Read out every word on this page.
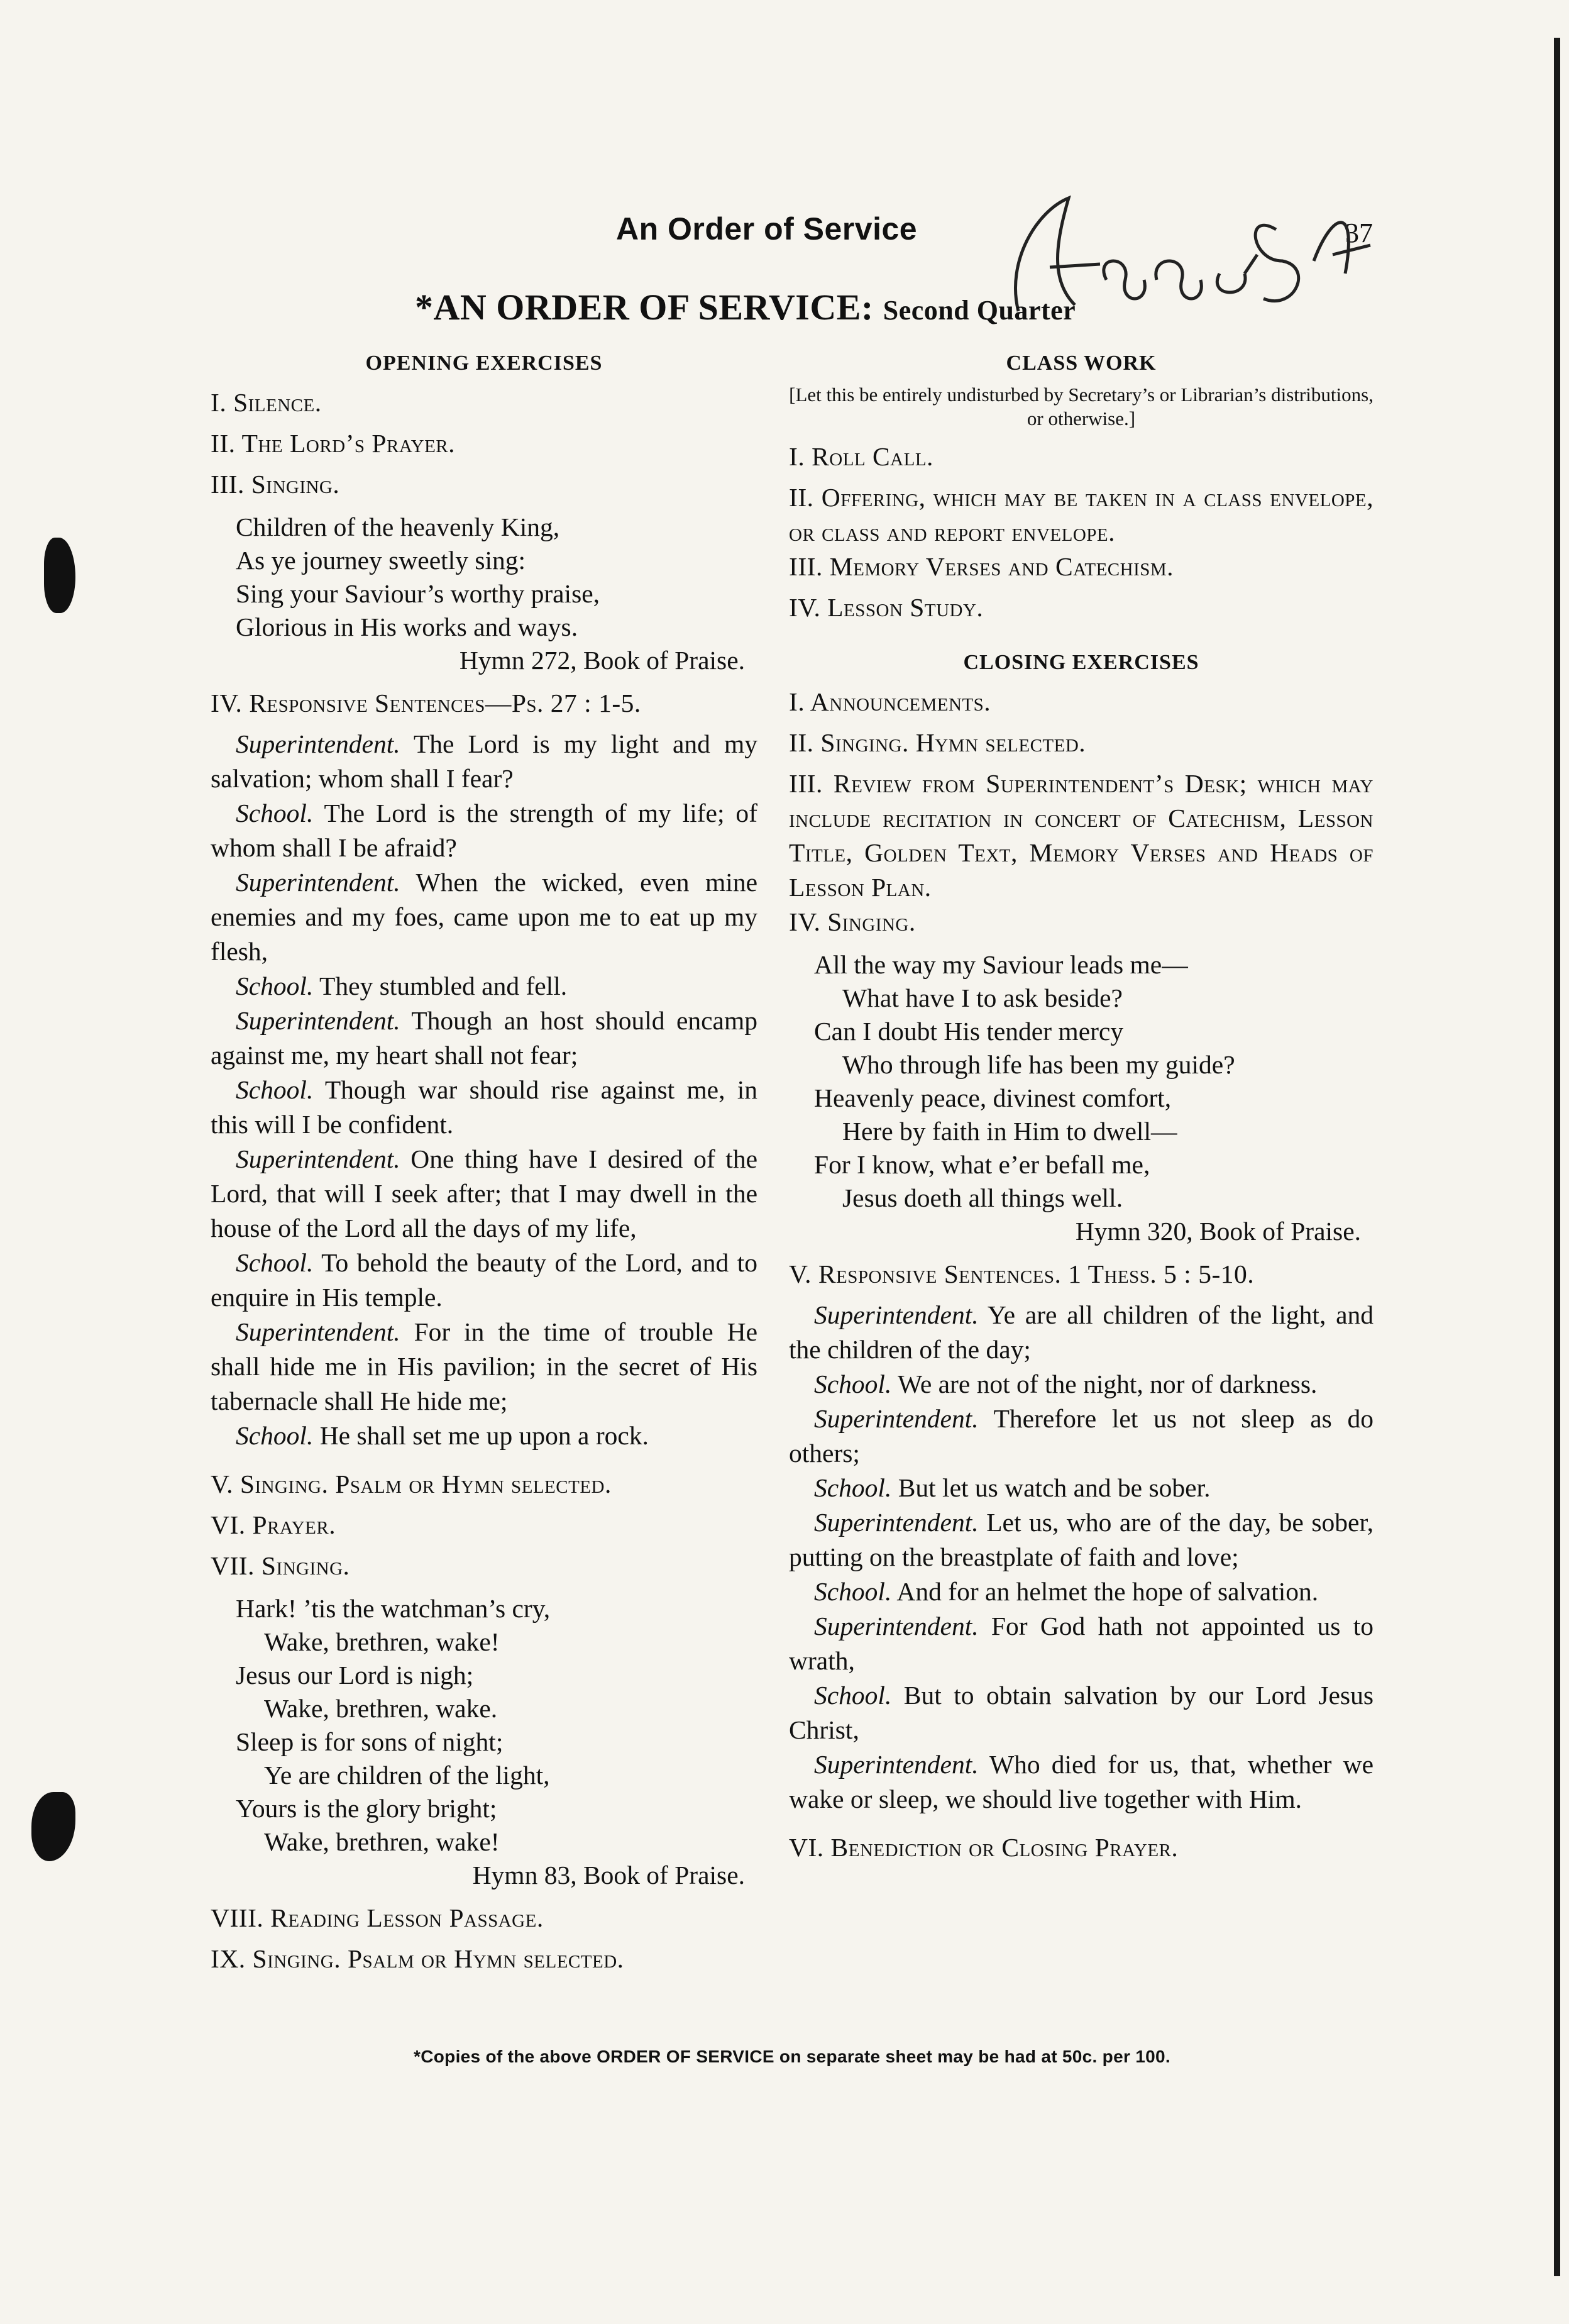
An Order of Service	37
*AN ORDER OF SERVICE: Second Quarter
OPENING EXERCISES
I. Silence.
II. The Lord’s Prayer.
III. Singing.
Children of the heavenly King,
As ye journey sweetly sing:
Sing your Saviour’s worthy praise,
Glorious in His works and ways.
Hymn 272, Book of Praise.
IV. Responsive Sentences—Ps. 27 : 1-5.
Superintendent. The Lord is my light and my salvation; whom shall I fear?
School. The Lord is the strength of my life; of whom shall I be afraid?
Superintendent. When the wicked, even mine enemies and my foes, came upon me to eat up my flesh,
School. They stumbled and fell.
Superintendent. Though an host should encamp against me, my heart shall not fear;
School. Though war should rise against me, in this will I be confident.
Superintendent. One thing have I desired of the Lord, that will I seek after; that I may dwell in the house of the Lord all the days of my life,
School. To behold the beauty of the Lord, and to enquire in His temple.
Superintendent. For in the time of trouble He shall hide me in His pavilion; in the secret of His tabernacle shall He hide me;
School. He shall set me up upon a rock.
V. Singing. Psalm or Hymn selected.
VI. Prayer.
VII. Singing.
Hark! ’tis the watchman’s cry,
Wake, brethren, wake!
Jesus our Lord is nigh;
Wake, brethren, wake.
Sleep is for sons of night;
Ye are children of the light,
Yours is the glory bright;
Wake, brethren, wake!
Hymn 83, Book of Praise.
VIII. Reading Lesson Passage.
IX. Singing. Psalm or Hymn selected.
CLASS WORK
[Let this be entirely undisturbed by Secretary’s or Librarian’s distributions, or otherwise.]
I. Roll Call.
II. Offering, which may be taken in a class envelope, or class and report envelope.
III. Memory Verses and Catechism.
IV. Lesson Study.
CLOSING EXERCISES
I. Announcements.
II. Singing. Hymn selected.
III. Review from Superintendent’s Desk; which may include recitation in concert of Catechism, Lesson Title, Golden Text, Memory Verses and Heads of Lesson Plan.
IV. Singing.
All the way my Saviour leads me—
What have I to ask beside?
Can I doubt His tender mercy
Who through life has been my guide?
Heavenly peace, divinest comfort,
Here by faith in Him to dwell—
For I know, what e’er befall me,
Jesus doeth all things well.
Hymn 320, Book of Praise.
V. Responsive Sentences. 1 Thess. 5 : 5-10.
Superintendent. Ye are all children of the light, and the children of the day;
School. We are not of the night, nor of darkness.
Superintendent. Therefore let us not sleep as do others;
School. But let us watch and be sober.
Superintendent. Let us, who are of the day, be sober, putting on the breastplate of faith and love;
School. And for an helmet the hope of salvation.
Superintendent. For God hath not appointed us to wrath,
School. But to obtain salvation by our Lord Jesus Christ,
Superintendent. Who died for us, that, whether we wake or sleep, we should live together with Him.
VI. Benediction or Closing Prayer.
*Copies of the above ORDER OF SERVICE on separate sheet may be had at 50c. per 100.
